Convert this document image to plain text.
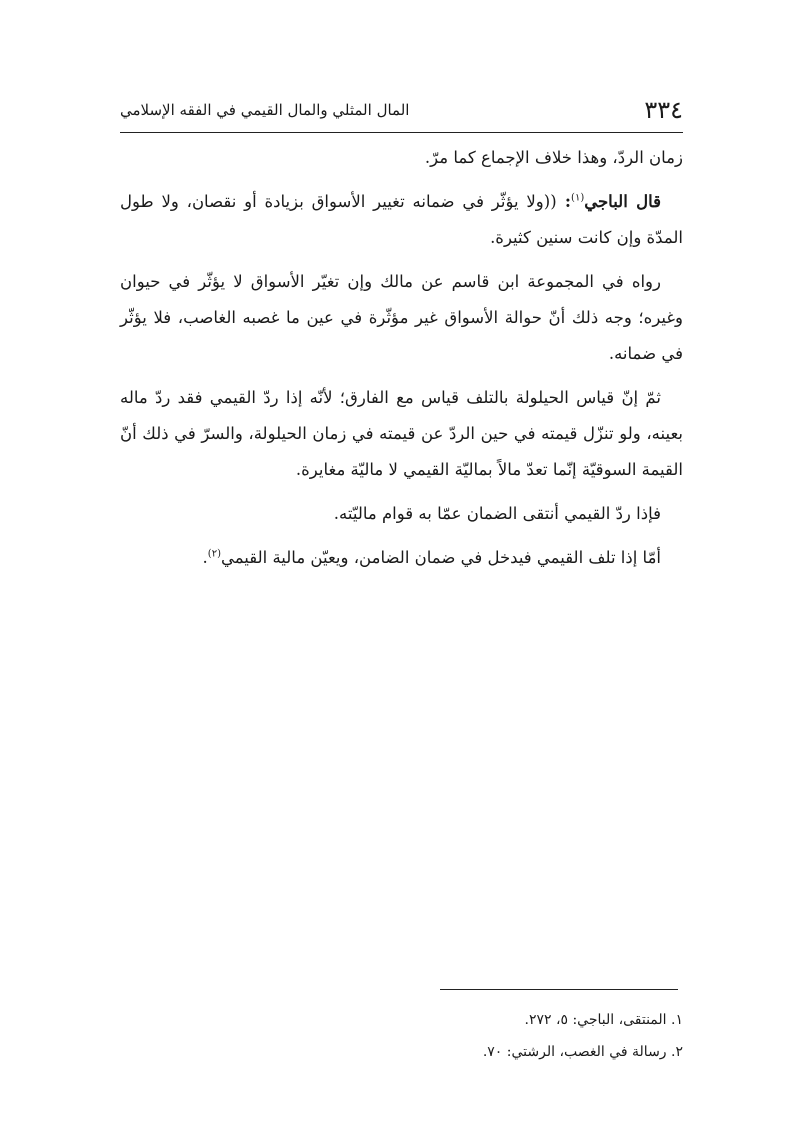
٣٣٤
المال المثلي والمال القيمي في الفقه الإسلامي

زمان الردّ، وهذا خلاف الإجماع كما مرّ.

قال الباجي$^{(١)}$: ((ولا يؤثّر في ضمانه تغيير الأسواق بزيادة أو نقصان، ولا طول المدّة وإن كانت سنين كثيرة.

رواه في المجموعة ابن قاسم عن مالك وإن تغيّر الأسواق لا يؤثّر في حيوان وغيره؛ وجه ذلك أنّ حوالة الأسواق غير مؤثّرة في عين ما غصبه الغاصب، فلا يؤثّر في ضمانه.

ثمّ إنّ قياس الحيلولة بالتلف قياس مع الفارق؛ لأنّه إذا ردّ القيمي فقد ردّ ماله بعينه، ولو تنزّل قيمته في حين الردّ عن قيمته في زمان الحيلولة، والسرّ في ذلك أنّ القيمة السوقيّة إنّما تعدّ مالاً بماليّة القيمي لا ماليّة مغايرة.

فإذا ردّ القيمي أنتقى الضمان عمّا به قوام ماليّته.

أمّا إذا تلف القيمي فيدخل في ضمان الضامن، ويعيّن مالية القيمي$^{(٢)}$.

١. المنتقى، الباجي: ٥، ٢٧٢.

٢. رسالة في الغصب، الرشتي: ٧٠.
